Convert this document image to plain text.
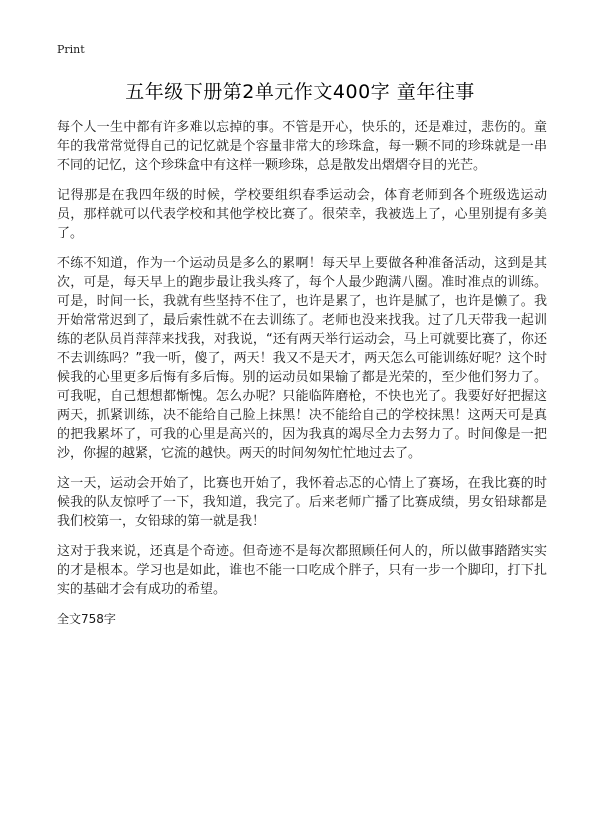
Print
五年级下册第2单元作文400字 童年往事

每个人一生中都有许多难以忘掉的事。不管是开心，快乐的，还是难过，悲伤的。童年的我常常觉得自己的记忆就是个容量非常大的珍珠盒，每一颗不同的珍珠就是一串不同的记忆，这个珍珠盒中有这样一颗珍珠，总是散发出熠熠夺目的光芒。

记得那是在我四年级的时候，学校要组织春季运动会，体育老师到各个班级选运动员，那样就可以代表学校和其他学校比赛了。很荣幸，我被选上了，心里别提有多美了。

不练不知道，作为一个运动员是多么的累啊！每天早上要做各种准备活动，这到是其次，可是，每天早上的跑步最让我头疼了，每个人最少跑满八圈。准时准点的训练。可是，时间一长，我就有些坚持不住了，也许是累了，也许是腻了，也许是懒了。我开始常常迟到了，最后索性就不在去训练了。老师也没来找我。过了几天带我一起训练的老队员肖萍萍来找我，对我说，“还有两天举行运动会，马上可就要比赛了，你还不去训练吗？”我一听，傻了，两天！我又不是天才，两天怎么可能训练好呢？这个时候我的心里更多后悔有多后悔。别的运动员如果输了都是光荣的，至少他们努力了。可我呢，自己想想都惭愧。怎么办呢？只能临阵磨枪，不快也光了。我要好好把握这两天，抓紧训练，决不能给自己脸上抹黑！决不能给自己的学校抹黑！这两天可是真的把我累坏了，可我的心里是高兴的，因为我真的竭尽全力去努力了。时间像是一把沙，你握的越紧，它流的越快。两天的时间匆匆忙忙地过去了。

这一天，运动会开始了，比赛也开始了，我怀着忐忑的心情上了赛场，在我比赛的时候我的队友惊呼了一下，我知道，我完了。后来老师广播了比赛成绩，男女铅球都是我们校第一，女铅球的第一就是我！

这对于我来说，还真是个奇迹。但奇迹不是每次都照顾任何人的，所以做事踏踏实实的才是根本。学习也是如此，谁也不能一口吃成个胖子，只有一步一个脚印，打下扎实的基础才会有成功的希望。

全文758字
